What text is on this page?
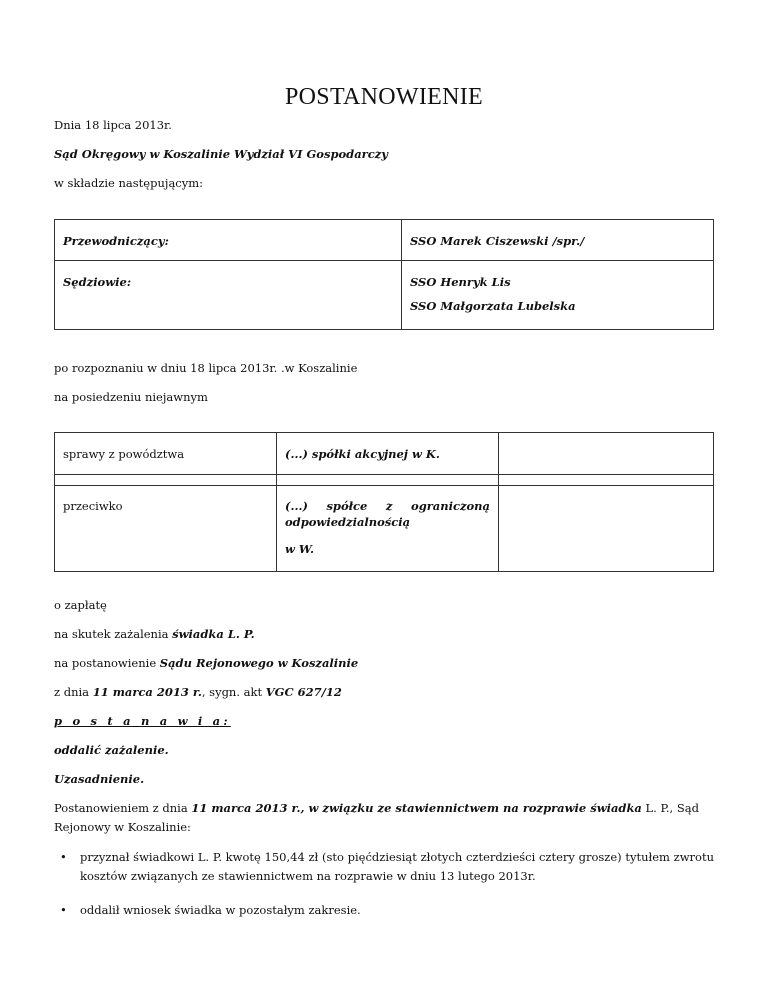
POSTANOWIENIE
Dnia 18 lipca 2013r.
Sąd Okręgowy w Koszalinie Wydział VI Gospodarczy
w składzie następującym:

Przewodniczący:	SSO Marek Ciszewski /spr./

Sędziowie:	SSO Henryk Lis

SSO Małgorzata Lubelska

po rozpoznaniu w dniu 18 lipca 2013r. .w Koszalinie
na posiedzeniu niejawnym

sprawy z powództwa	(...) spółki akcyjnej w K.	

przeciwko	(...) spółce z ograniczoną odpowiedzialnością

w W.	

o zapłatę
na skutek zażalenia świadka L. P.
na postanowienie Sądu Rejonowego w Koszalinie
z dnia 11 marca 2013 r., sygn. akt VGC 627/12
p o s t a n a w i a:
oddalić zażalenie.
Uzasadnienie.
Postanowieniem z dnia 11 marca 2013 r., w związku ze stawiennictwem na rozprawie świadka L. P., Sąd Rejonowy w Koszalinie:
• przyznał świadkowi L. P. kwotę 150,44 zł (sto pięćdziesiąt złotych czterdzieści cztery grosze) tytułem zwrotu kosztów związanych ze stawiennictwem na rozprawie w dniu 13 lutego 2013r.
• oddalił wniosek świadka w pozostałym zakresie.
